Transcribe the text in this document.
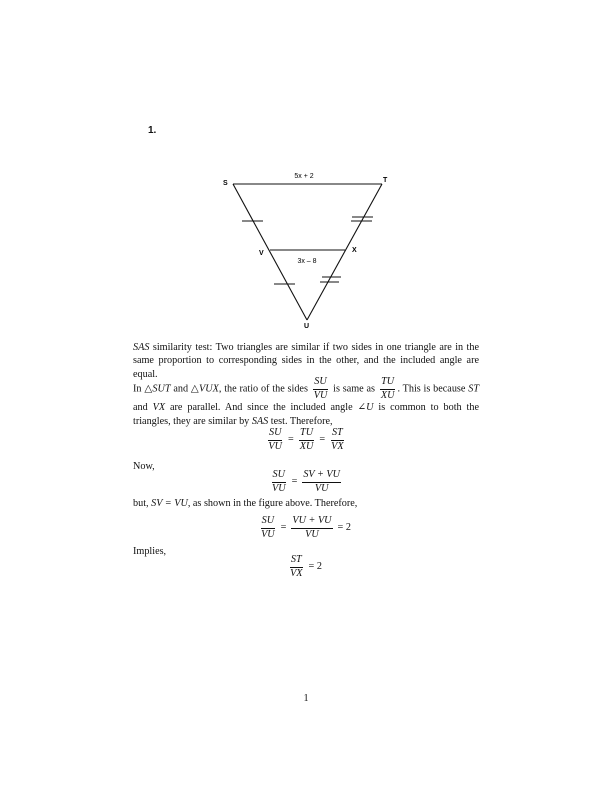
1.
S	T
V	X
U
5x + 2
3x – 8
SAS similarity test: Two triangles are similar if two sides in one triangle are in the same proportion to corresponding sides in the other, and the included angle are equal.
In △SUT and △VUX, the ratio of the sides $\frac{SU}{VU}$ is same as $\frac{TU}{XU}$ . This is because ST and VX are parallel. And since the included angle ∠U is common to both the triangles, they are similar by SAS test. Therefore,
$\frac{SU}{VU} = \frac{TU}{XU} = \frac{ST}{VX}$
Now,
$\frac{SU}{VU} = \frac{SV + VU}{VU}$
but, SV = VU, as shown in the figure above. Therefore,
$\frac{SU}{VU} = \frac{VU + VU}{VU} = 2$
Implies,
$\frac{ST}{VX} = 2$
1
